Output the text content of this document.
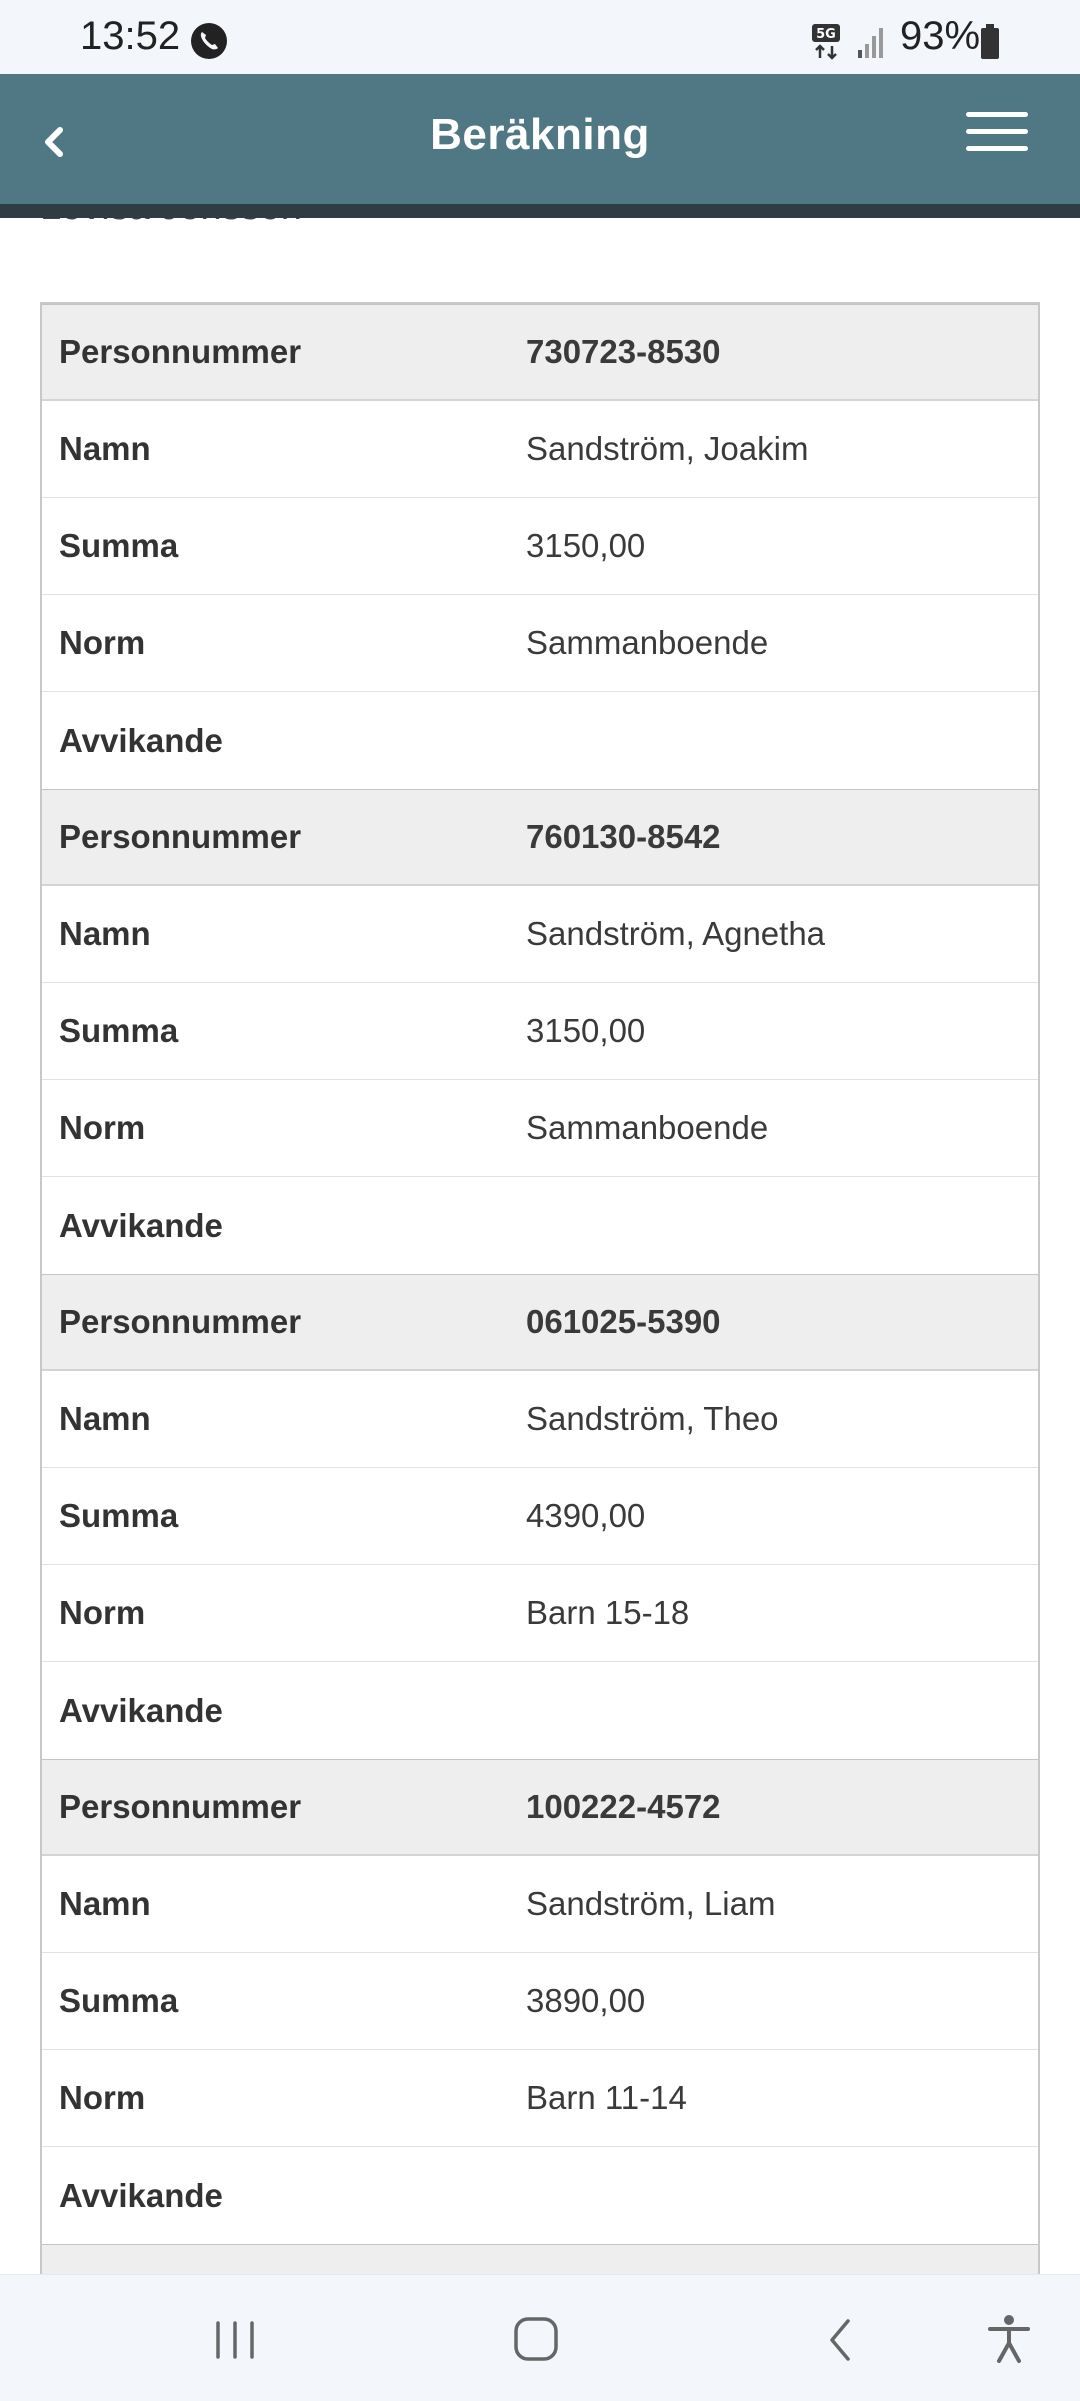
13:52	5G 93%
Beräkning
Personnummer	730723-8530
Namn	Sandström, Joakim
Summa	3150,00
Norm	Sammanboende
Avvikande
Personnummer	760130-8542
Namn	Sandström, Agnetha
Summa	3150,00
Norm	Sammanboende
Avvikande
Personnummer	061025-5390
Namn	Sandström, Theo
Summa	4390,00
Norm	Barn 15-18
Avvikande
Personnummer	100222-4572
Namn	Sandström, Liam
Summa	3890,00
Norm	Barn 11-14
Avvikande
